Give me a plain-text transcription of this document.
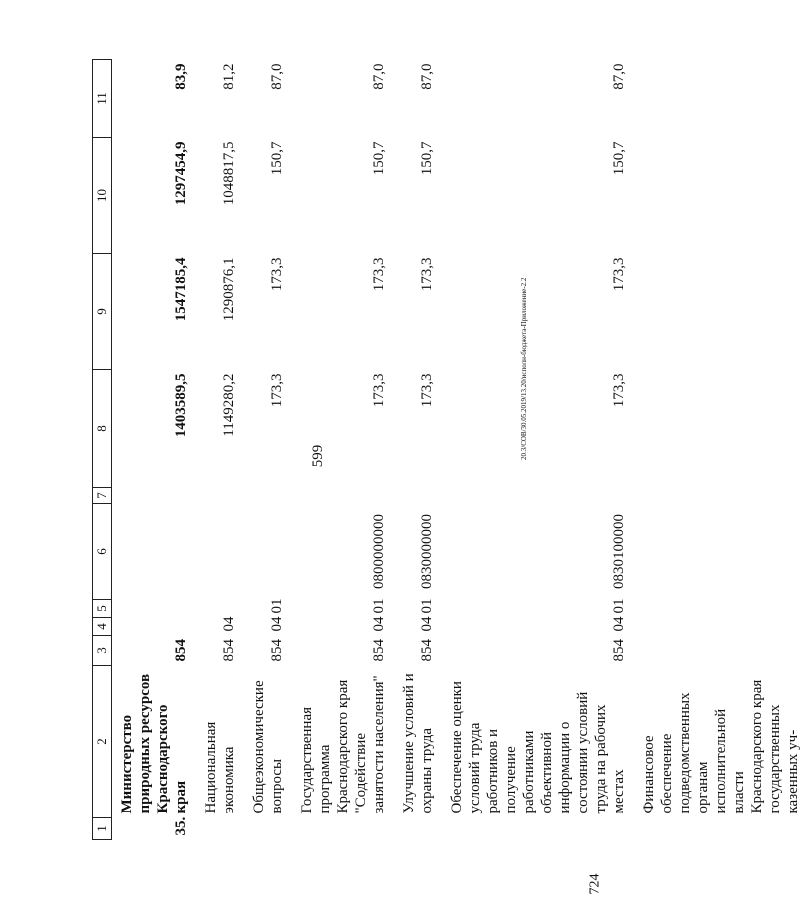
599
1	2	3	4	5	6	7	8	9	10	11
35.	Министерство природных ресурсов Краснодарского края	854					1403589,5	1547185,4	1297454,9	83,9
	Национальная экономика	854	04				1149280,2	1290876,1	1048817,5	81,2
	Общеэкономические вопросы	854	04	01			173,3	173,3	150,7	87,0
	Государственная программа Краснодарского края "Содействие занятости населения"	854	04	01	0800000000		173,3	173,3	150,7	87,0
	Улучшение условий и охраны труда	854	04	01	0830000000		173,3	173,3	150,7	87,0
	Обеспечение оценки условий труда работников и получение работниками объективной информации о состоянии условий труда на рабочих местах	854	04	01	0830100000		173,3	173,3	150,7	87,0
	Финансовое обеспечение подведомственных органам исполнительной власти Краснодарского края государственных казенных уч-									
20.3/СОВ/30.05.2019/13.20/исполн-бюджета-Приложение-2.2
724
